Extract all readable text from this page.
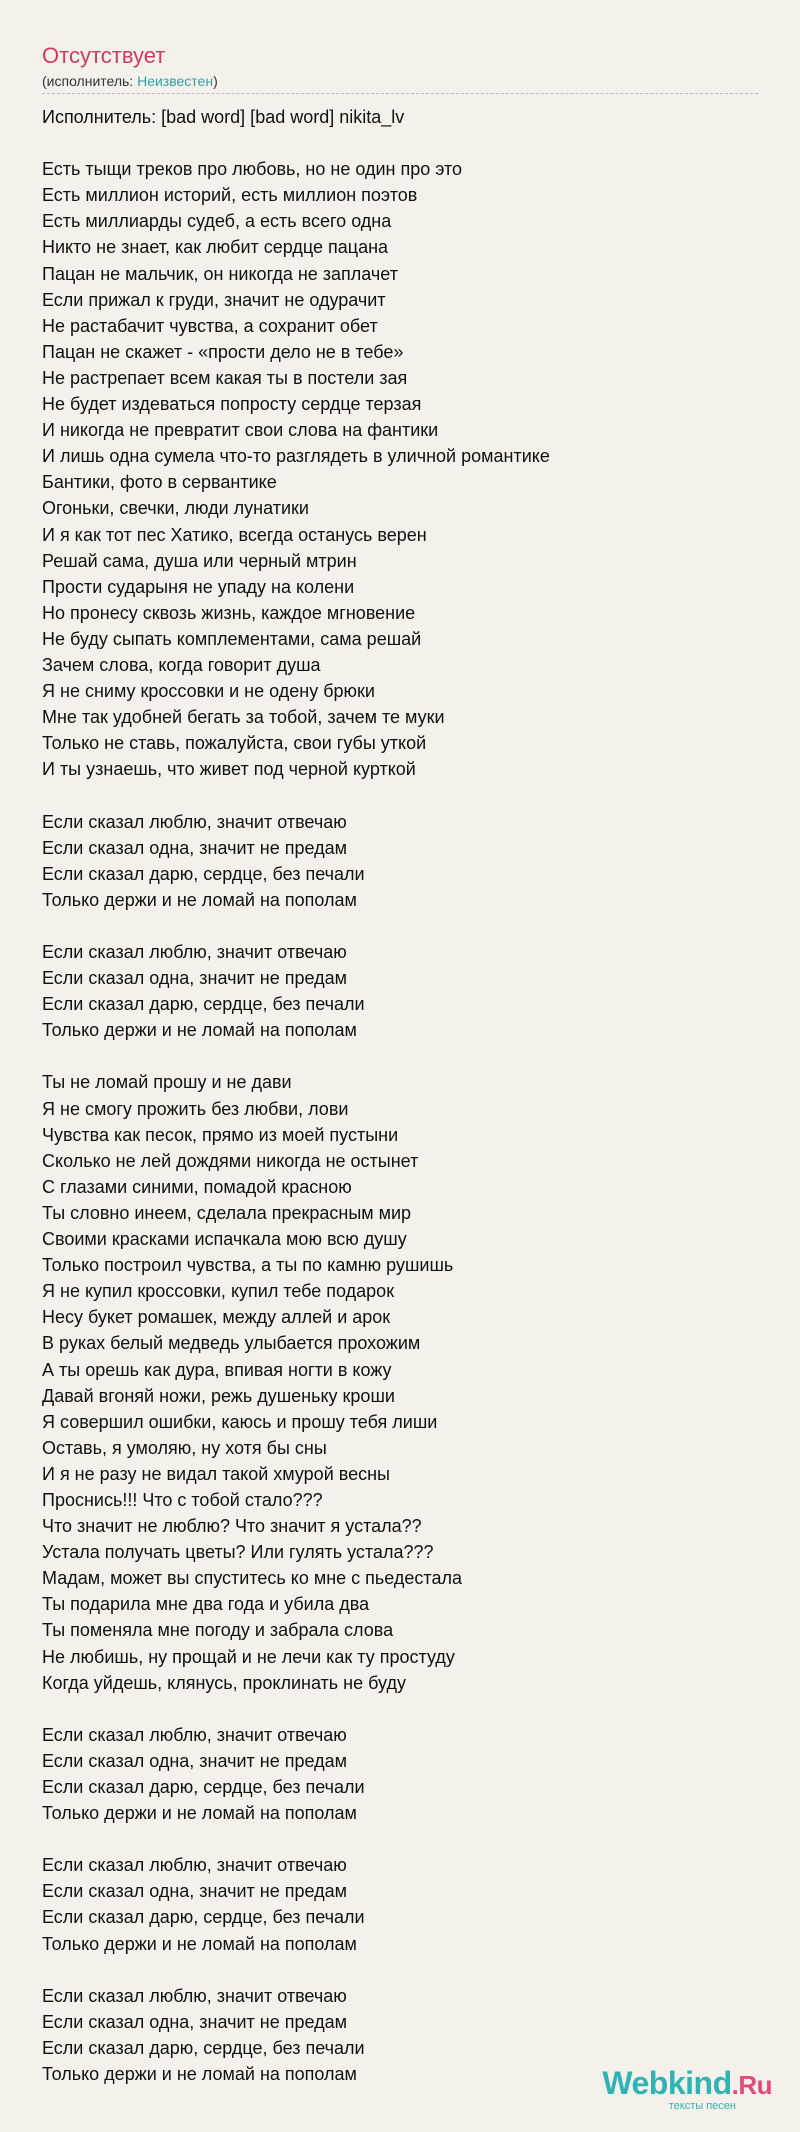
Отсутствует
(исполнитель: Неизвестен)
Исполнитель: [bad word] [bad word] nikita_lv
Есть тыщи треков про любовь, но не один про это
Есть миллион историй, есть миллион поэтов
Есть миллиарды судеб, а есть всего одна
Никто не знает, как любит сердце пацана
Пацан не мальчик, он никогда не заплачет
Если прижал к груди, значит не одурачит
Не растабачит чувства, а сохранит обет
Пацан не скажет - «прости дело не в тебе»
Не растрепает всем какая ты в постели зая
Не будет издеваться попросту сердце терзая
И никогда не превратит свои слова на фантики
И лишь одна сумела что-то разглядеть в уличной романтике
Бантики, фото в сервантике
Огоньки, свечки, люди лунатики
И я как тот пес Хатико, всегда останусь верен
Решай сама, душа или черный мтрин
Прости сударыня не упаду на колени
Но пронесу сквозь жизнь, каждое мгновение
Не буду сыпать комплементами, сама решай
Зачем слова, когда говорит душа
Я не сниму кроссовки и не одену брюки
Мне так удобней бегать за тобой, зачем те муки
Только не ставь, пожалуйста, свои губы уткой
И ты узнаешь, что живет под черной курткой
Если сказал люблю, значит отвечаю
Если сказал одна, значит не предам
Если сказал дарю, сердце, без печали
Только держи и не ломай на пополам
Если сказал люблю, значит отвечаю
Если сказал одна, значит не предам
Если сказал дарю, сердце, без печали
Только держи и не ломай на пополам
Ты не ломай прошу и не дави
Я не смогу прожить без любви, лови
Чувства как песок, прямо из моей пустыни
Сколько не лей дождями никогда не остынет
С глазами синими, помадой красною
Ты словно инеем, сделала прекрасным мир
Своими красками испачкала мою всю душу
Только построил чувства, а ты по камню рушишь
Я не купил кроссовки, купил тебе подарок
Несу букет ромашек, между аллей и арок
В руках белый медведь улыбается прохожим
А ты орешь как дура, впивая ногти в кожу
Давай вгоняй ножи, режь душеньку кроши
Я совершил ошибки, каюсь и прошу тебя лиши
Оставь, я умоляю, ну хотя бы сны
И я не разу не видал такой хмурой весны
Проснись!!! Что с тобой стало???
Что значит не люблю? Что значит я устала??
Устала получать цветы? Или гулять устала???
Мадам, может вы спуститесь ко мне с пьедестала
Ты подарила мне два года и убила два
Ты поменяла мне погоду и забрала слова
Не любишь, ну прощай и не лечи как ту простуду
Когда уйдешь, клянусь, проклинать не буду
Если сказал люблю, значит отвечаю
Если сказал одна, значит не предам
Если сказал дарю, сердце, без печали
Только держи и не ломай на пополам
Если сказал люблю, значит отвечаю
Если сказал одна, значит не предам
Если сказал дарю, сердце, без печали
Только держи и не ломай на пополам
Если сказал люблю, значит отвечаю
Если сказал одна, значит не предам
Если сказал дарю, сердце, без печали
Только держи и не ломай на пополам	Webkind.Ru
тексты песен
